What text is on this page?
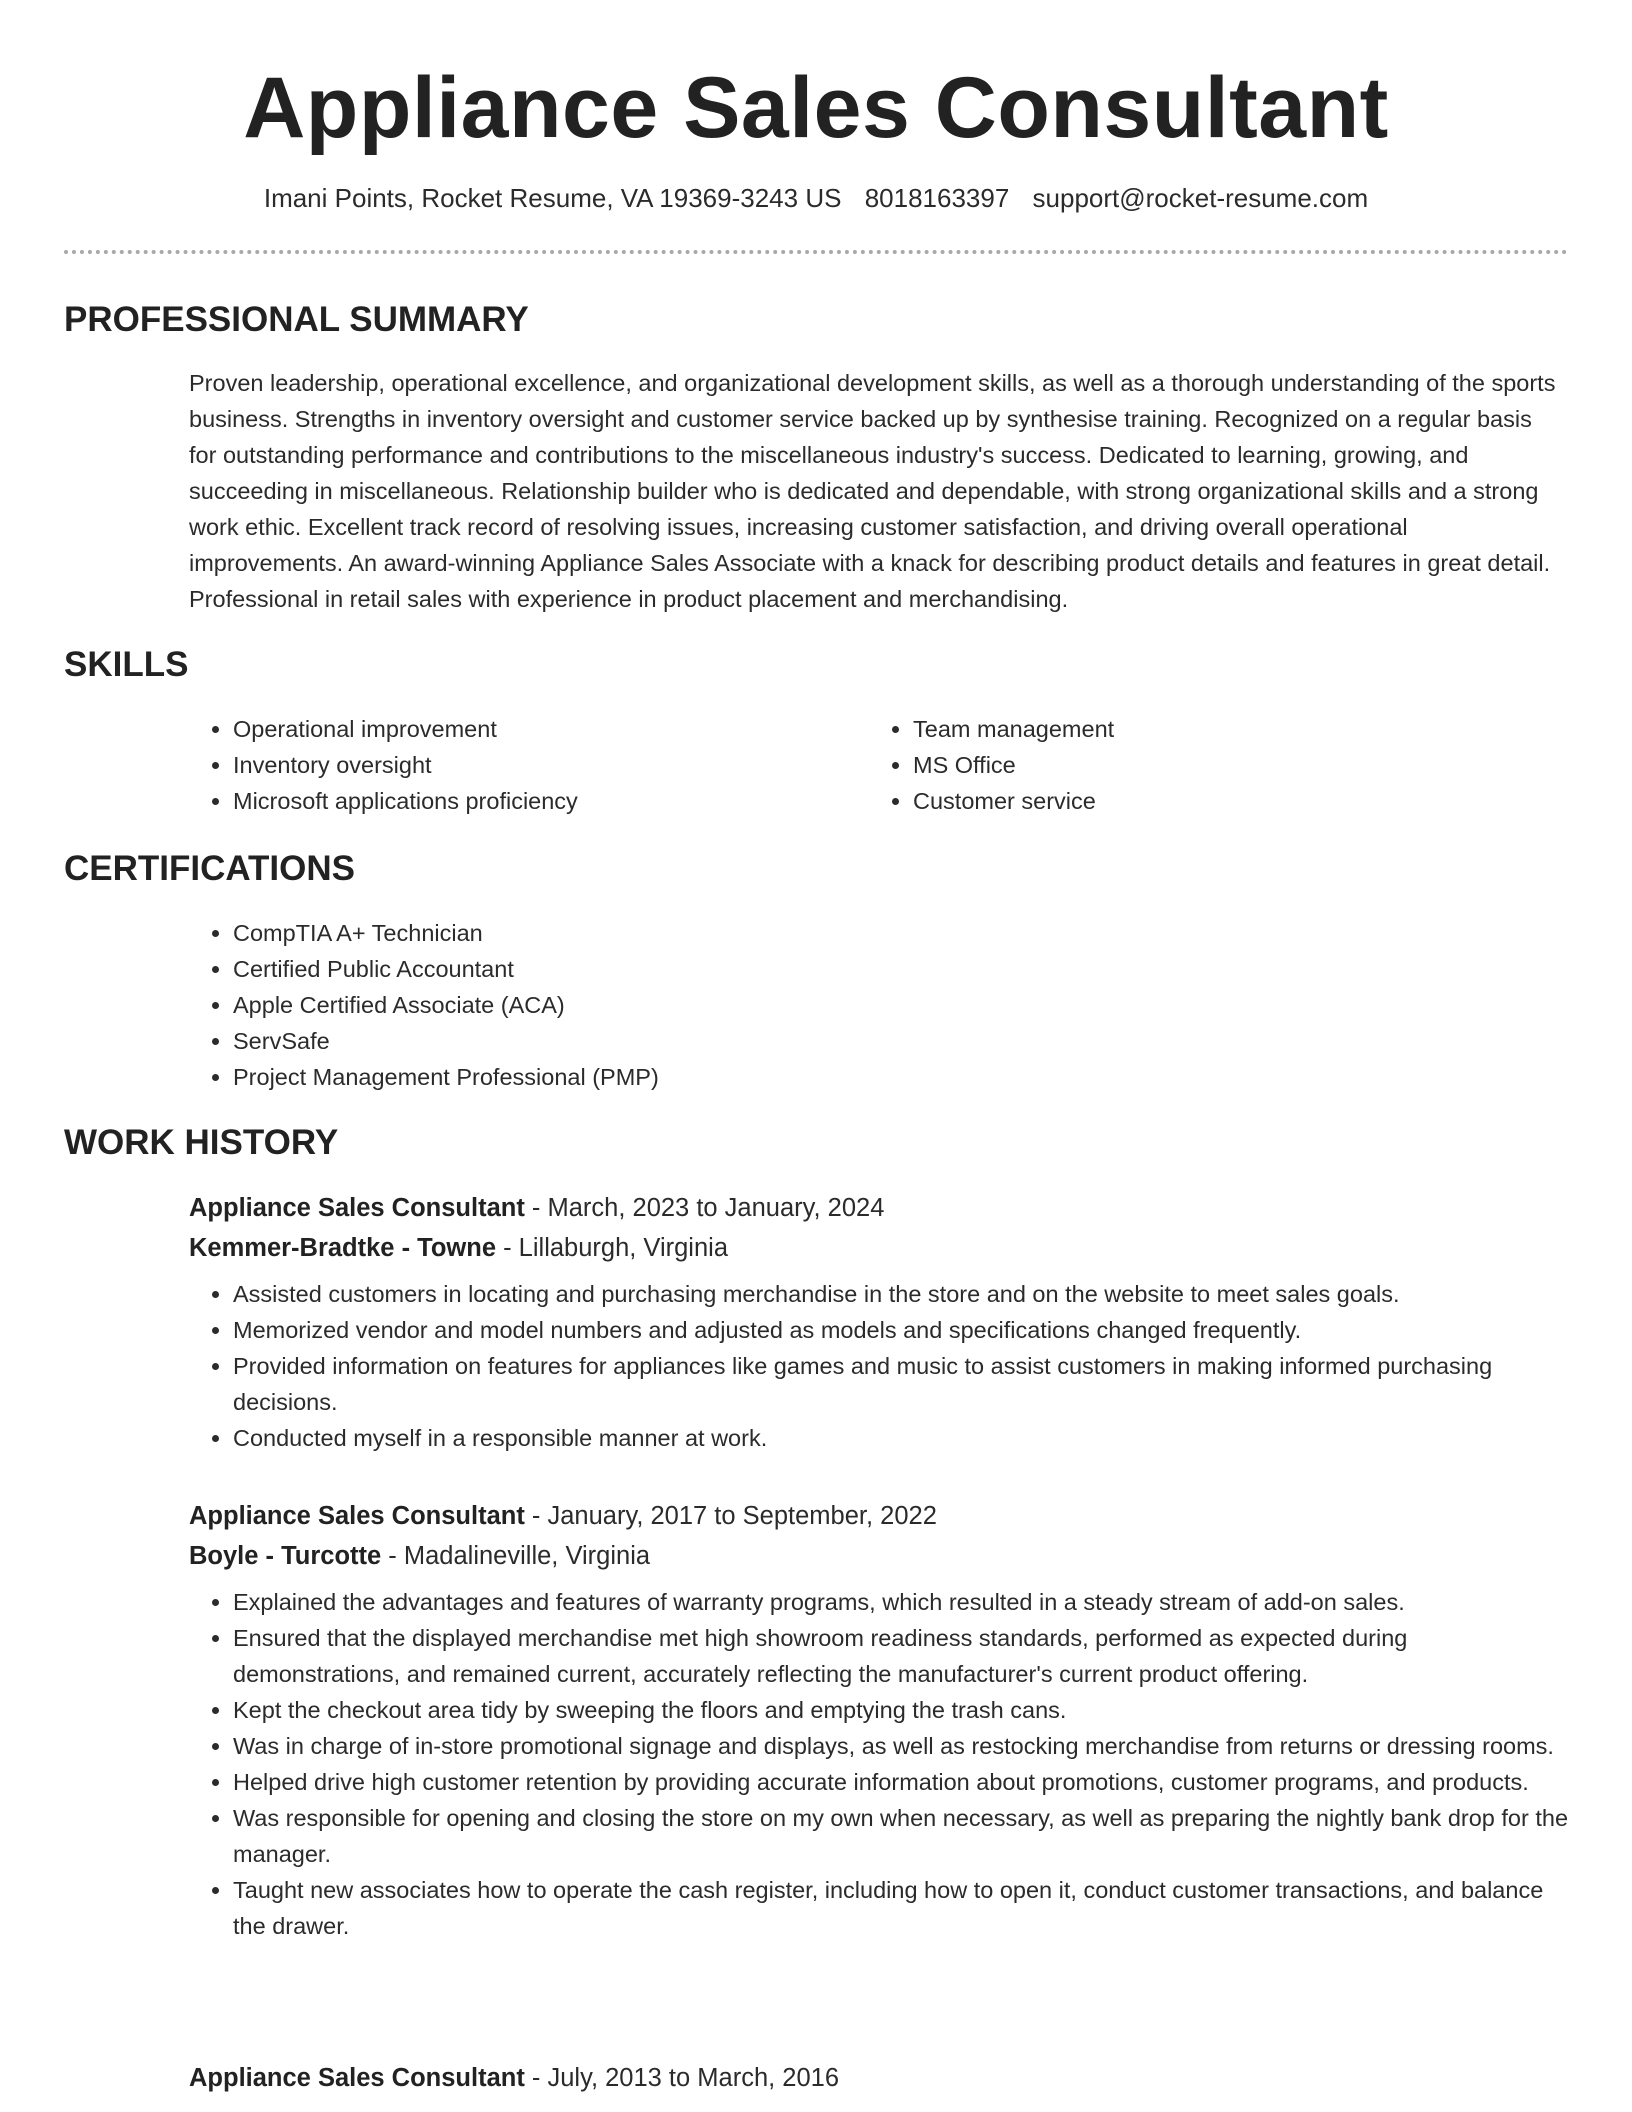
Appliance Sales Consultant
Imani Points, Rocket Resume, VA 19369-3243 US 8018163397 support@rocket-resume.com
PROFESSIONAL SUMMARY

Proven leadership, operational excellence, and organizational development skills, as well as a thorough understanding of the sports business. Strengths in inventory oversight and customer service backed up by synthesise training. Recognized on a regular basis for outstanding performance and contributions to the miscellaneous industry's success. Dedicated to learning, growing, and succeeding in miscellaneous. Relationship builder who is dedicated and dependable, with strong organizational skills and a strong work ethic. Excellent track record of resolving issues, increasing customer satisfaction, and driving overall operational improvements. An award-winning Appliance Sales Associate with a knack for describing product details and features in great detail. Professional in retail sales with experience in product placement and merchandising.

SKILLS
• Operational improvement
• Inventory oversight
• Microsoft applications proficiency
• Team management
• MS Office
• Customer service
CERTIFICATIONS
• CompTIA A+ Technician
• Certified Public Accountant
• Apple Certified Associate (ACA)
• ServSafe
• Project Management Professional (PMP)
WORK HISTORY
Appliance Sales Consultant - March, 2023 to January, 2024
Kemmer-Bradtke - Towne - Lillaburgh, Virginia
• Assisted customers in locating and purchasing merchandise in the store and on the website to meet sales goals.
• Memorized vendor and model numbers and adjusted as models and specifications changed frequently.
• Provided information on features for appliances like games and music to assist customers in making informed purchasing decisions.
• Conducted myself in a responsible manner at work.
Appliance Sales Consultant - January, 2017 to September, 2022
Boyle - Turcotte - Madalineville, Virginia
• Explained the advantages and features of warranty programs, which resulted in a steady stream of add-on sales.
• Ensured that the displayed merchandise met high showroom readiness standards, performed as expected during demonstrations, and remained current, accurately reflecting the manufacturer's current product offering.
• Kept the checkout area tidy by sweeping the floors and emptying the trash cans.
• Was in charge of in-store promotional signage and displays, as well as restocking merchandise from returns or dressing rooms.
• Helped drive high customer retention by providing accurate information about promotions, customer programs, and products.
• Was responsible for opening and closing the store on my own when necessary, as well as preparing the nightly bank drop for the manager.
• Taught new associates how to operate the cash register, including how to open it, conduct customer transactions, and balance the drawer.
Appliance Sales Consultant - July, 2013 to March, 2016
